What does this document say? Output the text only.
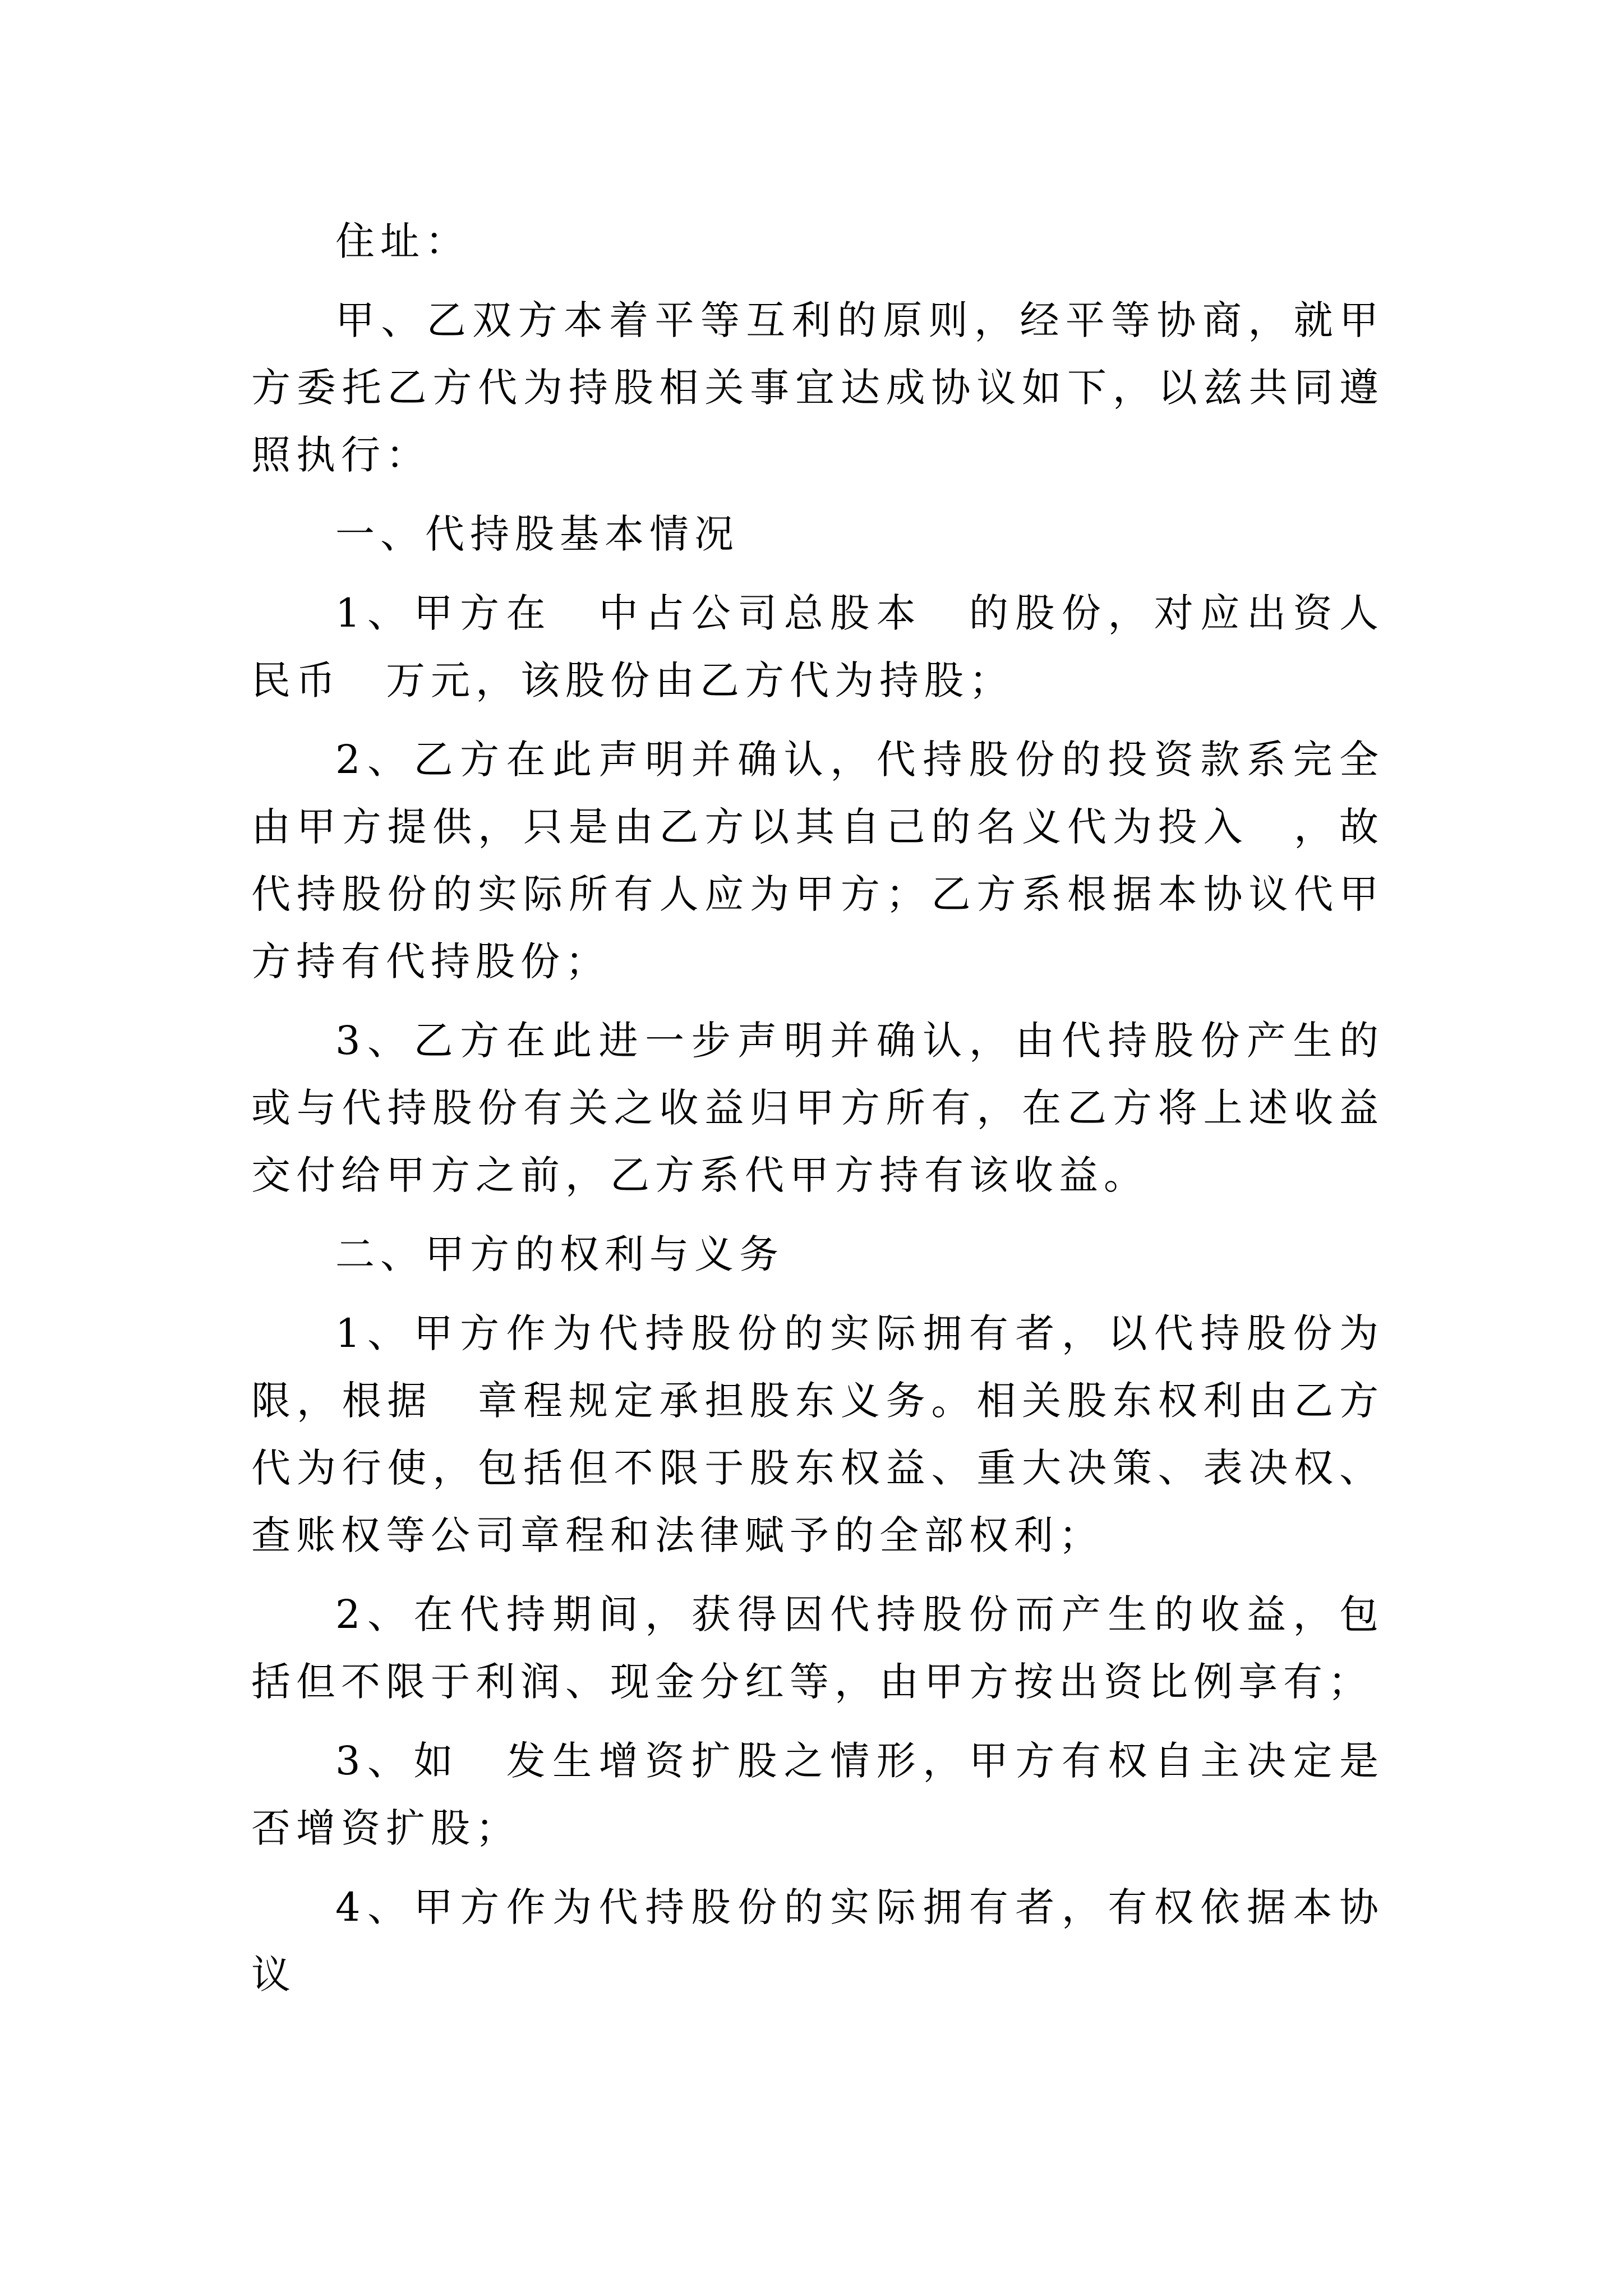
住址：

甲、乙双方本着平等互利的原则，经平等协商，就甲方委托乙方代为持股相关事宜达成协议如下，以兹共同遵照执行：

一、代持股基本情况

1、甲方在　中占公司总股本　的股份，对应出资人民币　万元，该股份由乙方代为持股；

2、乙方在此声明并确认，代持股份的投资款系完全由甲方提供，只是由乙方以其自己的名义代为投入　，故代持股份的实际所有人应为甲方；乙方系根据本协议代甲方持有代持股份；

3、乙方在此进一步声明并确认，由代持股份产生的或与代持股份有关之收益归甲方所有，在乙方将上述收益交付给甲方之前，乙方系代甲方持有该收益。

二、甲方的权利与义务

1、甲方作为代持股份的实际拥有者，以代持股份为限，根据　章程规定承担股东义务。相关股东权利由乙方代为行使，包括但不限于股东权益、重大决策、表决权、查账权等公司章程和法律赋予的全部权利；

2、在代持期间，获得因代持股份而产生的收益，包括但不限于利润、现金分红等，由甲方按出资比例享有；

3、如　发生增资扩股之情形，甲方有权自主决定是否增资扩股；

4、甲方作为代持股份的实际拥有者，有权依据本协议
